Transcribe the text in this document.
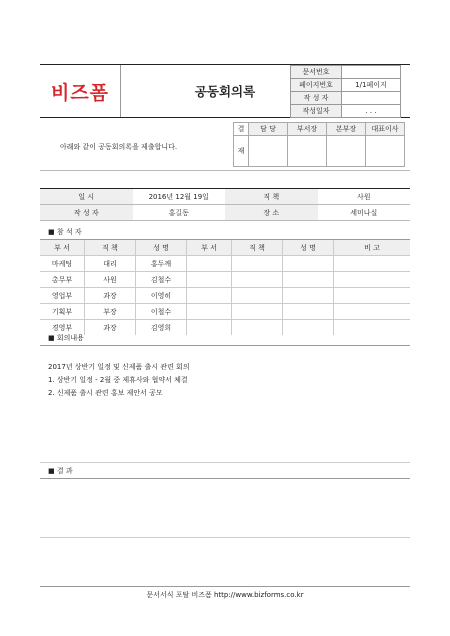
비즈폼	공동회의록
문서번호	
페이지번호	1/1페이지
작 성 자	
작성일자	. . .
아래와 같이 공동회의록을 제출합니다.
결	담 당	부서장	본부장	대표이사
재				
일 시	2016년 12월 19일	직 책	사원
작 성 자	홍길동	장 소	세미나실
■ 참 석 자
부 서	직 책	성 명	부 서	직 책	성 명	비 고
마케팅	대리	홍두깨				
총무부	사원	김철수				
영업부	과장	이영히				
기획부	부장	이철수				
경영부	과장	김영희				
■ 회의내용
2017년 상반기 일정 및 신제품 출시 관련 회의
1. 상반기 일정 - 2월 중 제휴사와 협약서 체결
2. 신제품 출시 관련 홍보 제안서 공모
■ 결 과
문서서식 포탈 비즈폼 http://www.bizforms.co.kr
